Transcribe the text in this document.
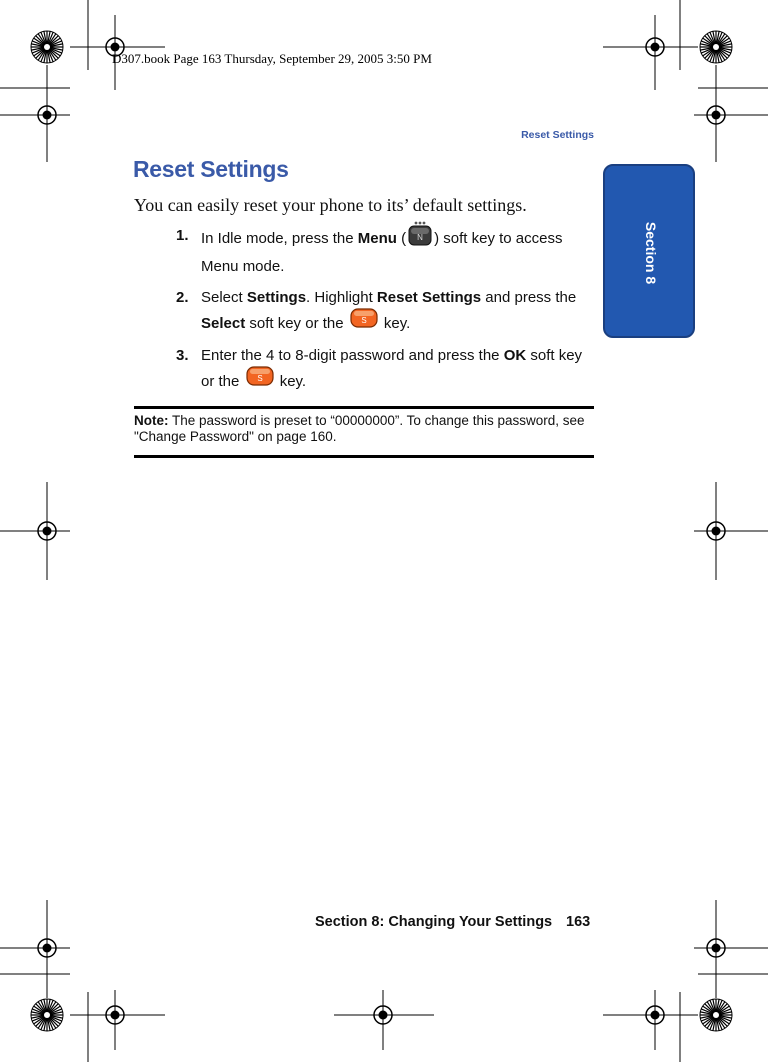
D307.book Page 163 Thursday, September 29, 2005 3:50 PM
Reset Settings
Reset Settings
You can easily reset your phone to its’ default settings.
1. In Idle mode, press the Menu ( N ) soft key to access Menu mode.
2. Select Settings. Highlight Reset Settings and press the Select soft key or the S key.
3. Enter the 4 to 8-digit password and press the OK soft key or the S key.
Note: The password is preset to “00000000”. To change this password, see "Change Password" on page 160.
Section 8
Section 8: Changing Your Settings 163
